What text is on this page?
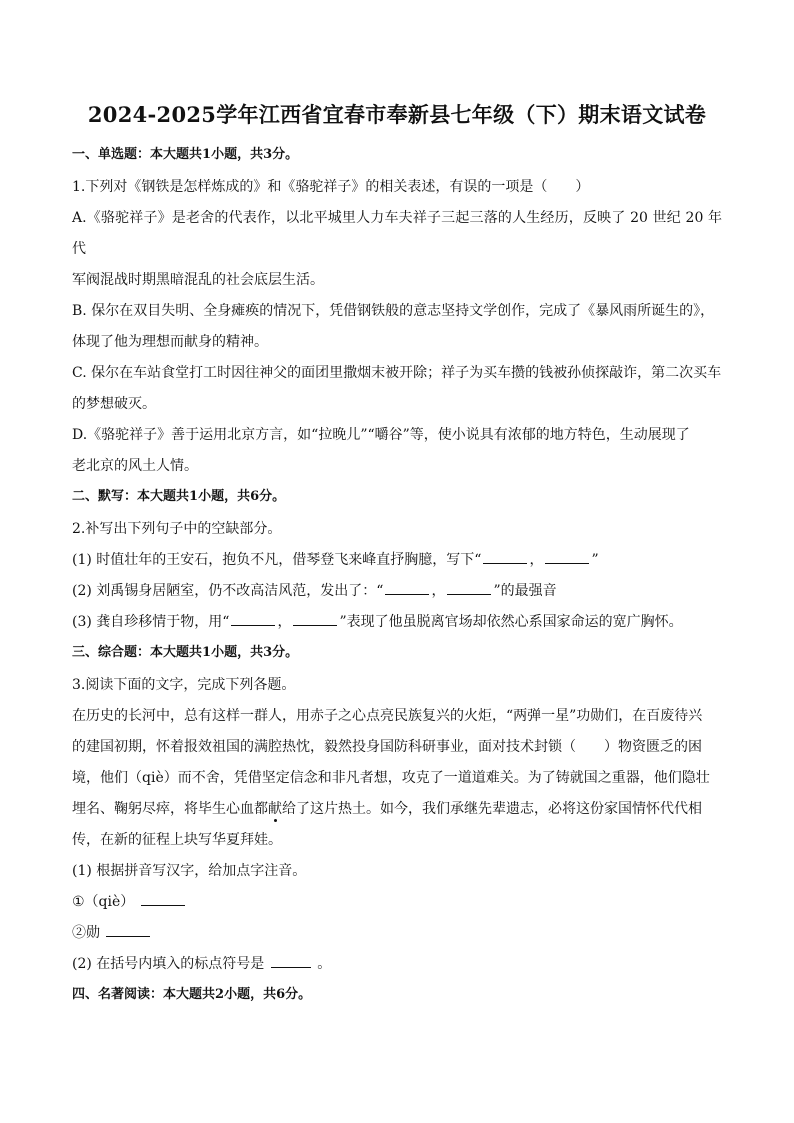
2024-2025学年江西省宜春市奉新县七年级（下）期末语文试卷

一、单选题：本大题共1小题，共3分。

1.下列对《钢铁是怎样炼成的》和《骆驼祥子》的相关表述，有误的一项是（　　）

A.《骆驼祥子》是老舍的代表作，以北平城里人力车夫祥子三起三落的人生经历，反映了 20 世纪 20 年代

军阀混战时期黑暗混乱的社会底层生活。

B. 保尔在双目失明、全身瘫痪的情况下，凭借钢铁般的意志坚持文学创作，完成了《暴风雨所诞生的》，

体现了他为理想而献身的精神。

C. 保尔在车站食堂打工时因往神父的面团里撒烟末被开除；祥子为买车攒的钱被孙侦探敲诈，第二次买车

的梦想破灭。

D.《骆驼祥子》善于运用北京方言，如“拉晚儿”“嚼谷”等，使小说具有浓郁的地方特色，生动展现了

老北京的风土人情。

二、默写：本大题共1小题，共6分。

2.补写出下列句子中的空缺部分。

(1) 时值壮年的王安石，抱负不凡，借琴登飞来峰直抒胸臆，写下“	，	”

(2) 刘禹锡身居陋室，仍不改高洁风范，发出了：“	，	”的最强音

(3) 龚自珍移情于物，用“	，	”表现了他虽脱离官场却依然心系国家命运的宽广胸怀。

三、综合题：本大题共1小题，共3分。

3.阅读下面的文字，完成下列各题。

在历史的长河中，总有这样一群人，用赤子之心点亮民族复兴的火炬，“两弹一星”功勋们，在百废待兴

的建国初期，怀着报效祖国的满腔热忱，毅然投身国防科研事业，面对技术封锁（　　）物资匮乏的困

境，他们（qiè）而不舍，凭借坚定信念和非凡者想，攻克了一道道难关。为了铸就国之重器，他们隐壮

埋名、鞠躬尽瘁，将毕生心血都献给了这片热土。如今，我们承继先辈遗志，必将这份家国情怀代代相

传，在新的征程上块写华夏拜娃。

(1) 根据拼音写汉字，给加点字注音。

①（qiè）

②勋

(2) 在括号内填入的标点符号是	。

四、名著阅读：本大题共2小题，共6分。
